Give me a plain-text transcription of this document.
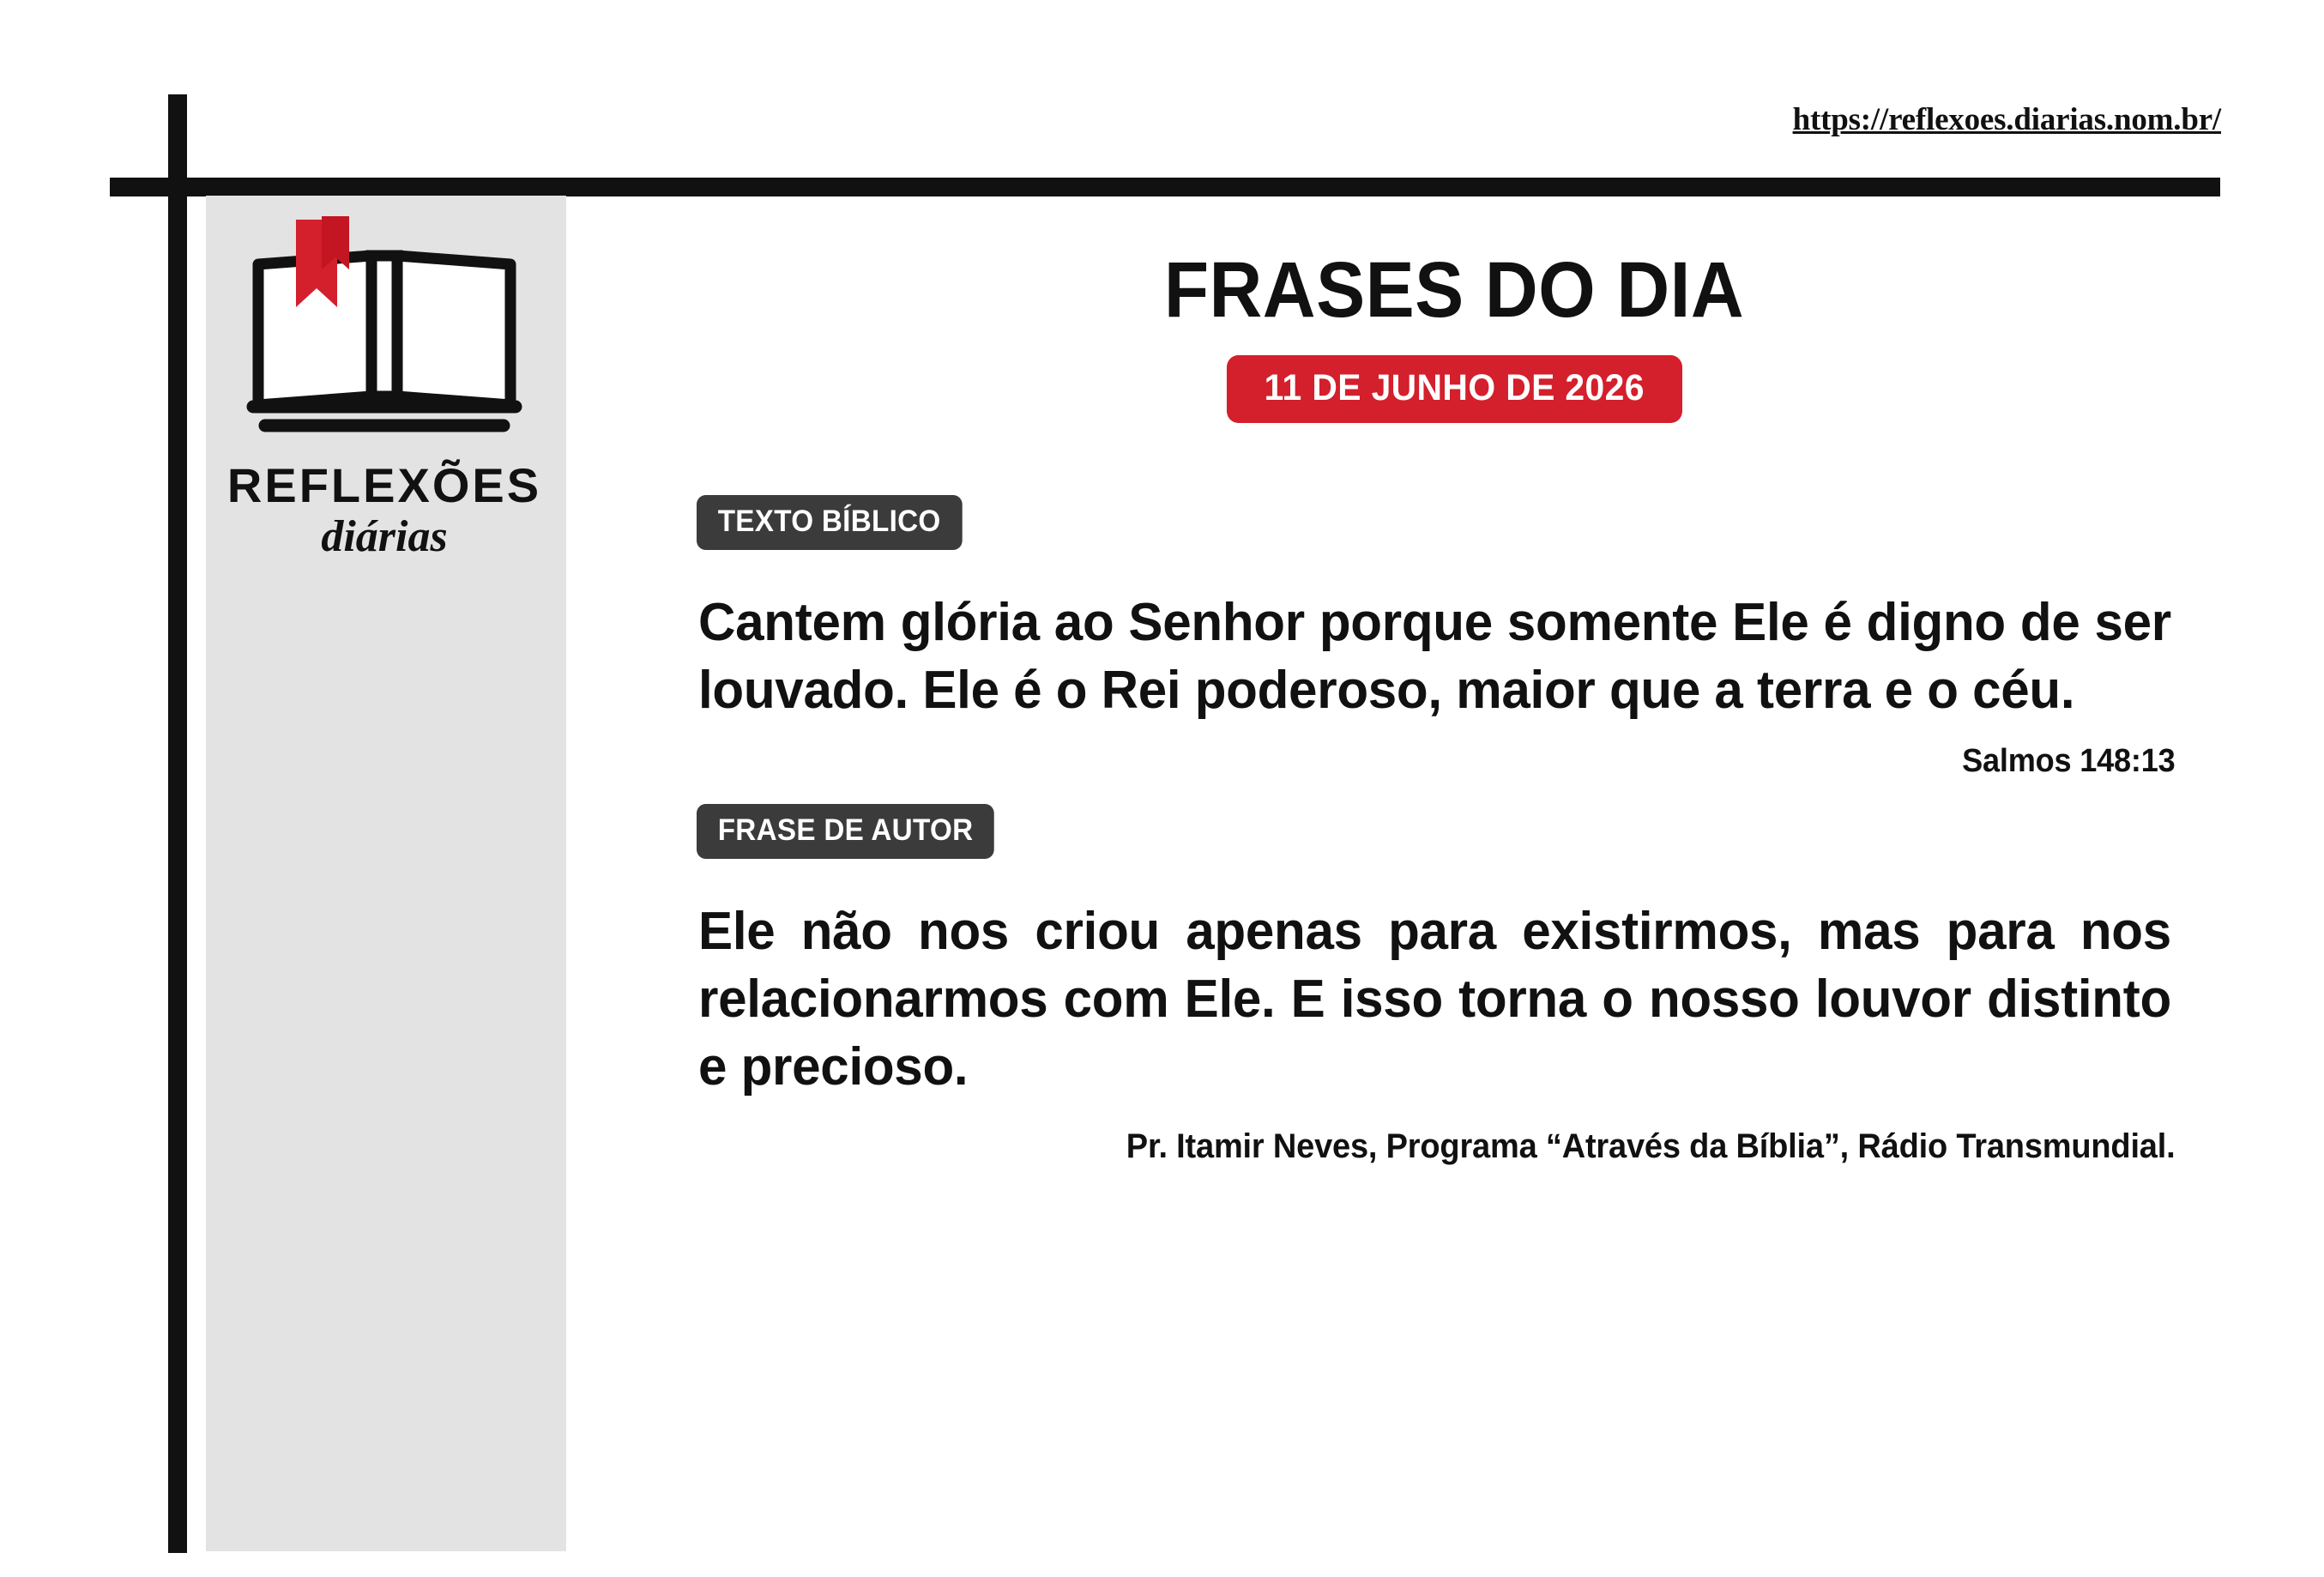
https://reflexoes.diarias.nom.br/
REFLEXÕES
diárias
FRASES DO DIA
11 DE JUNHO DE 2026
TEXTO BÍBLICO
Cantem glória ao Senhor porque somente Ele é digno de ser louvado. Ele é o Rei poderoso, maior que a terra e o céu.
Salmos 148:13
FRASE DE AUTOR
Ele não nos criou apenas para existirmos, mas para nos relacionarmos com Ele. E isso torna o nosso louvor distinto e precioso.
Pr. Itamir Neves, Programa “Através da Bíblia”, Rádio Transmundial.
